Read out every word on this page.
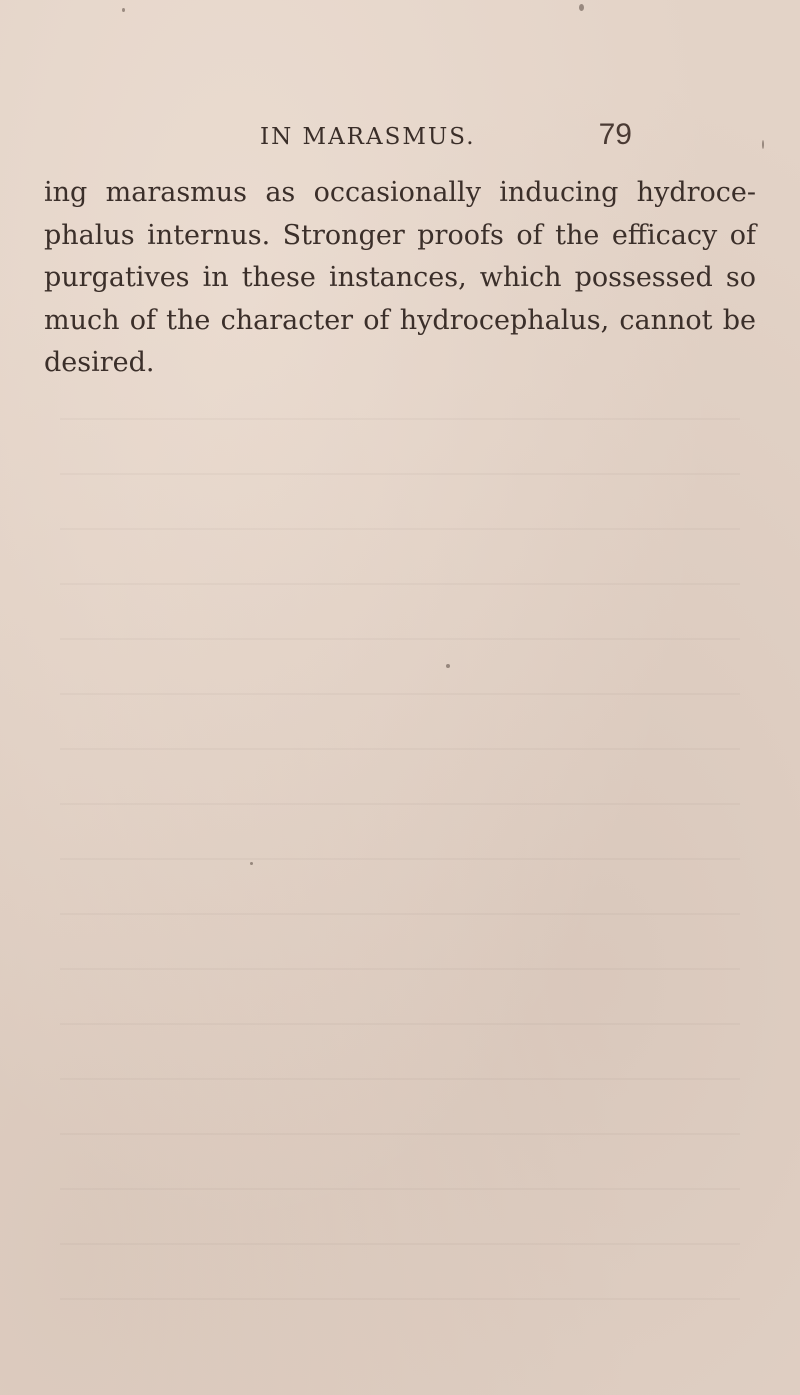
IN MARASMUS.	79
ing marasmus as occasionally inducing hydroce-
phalus internus. Stronger proofs of the efficacy of
purgatives in these instances, which possessed so
much of the character of hydrocephalus, cannot be
desired.
